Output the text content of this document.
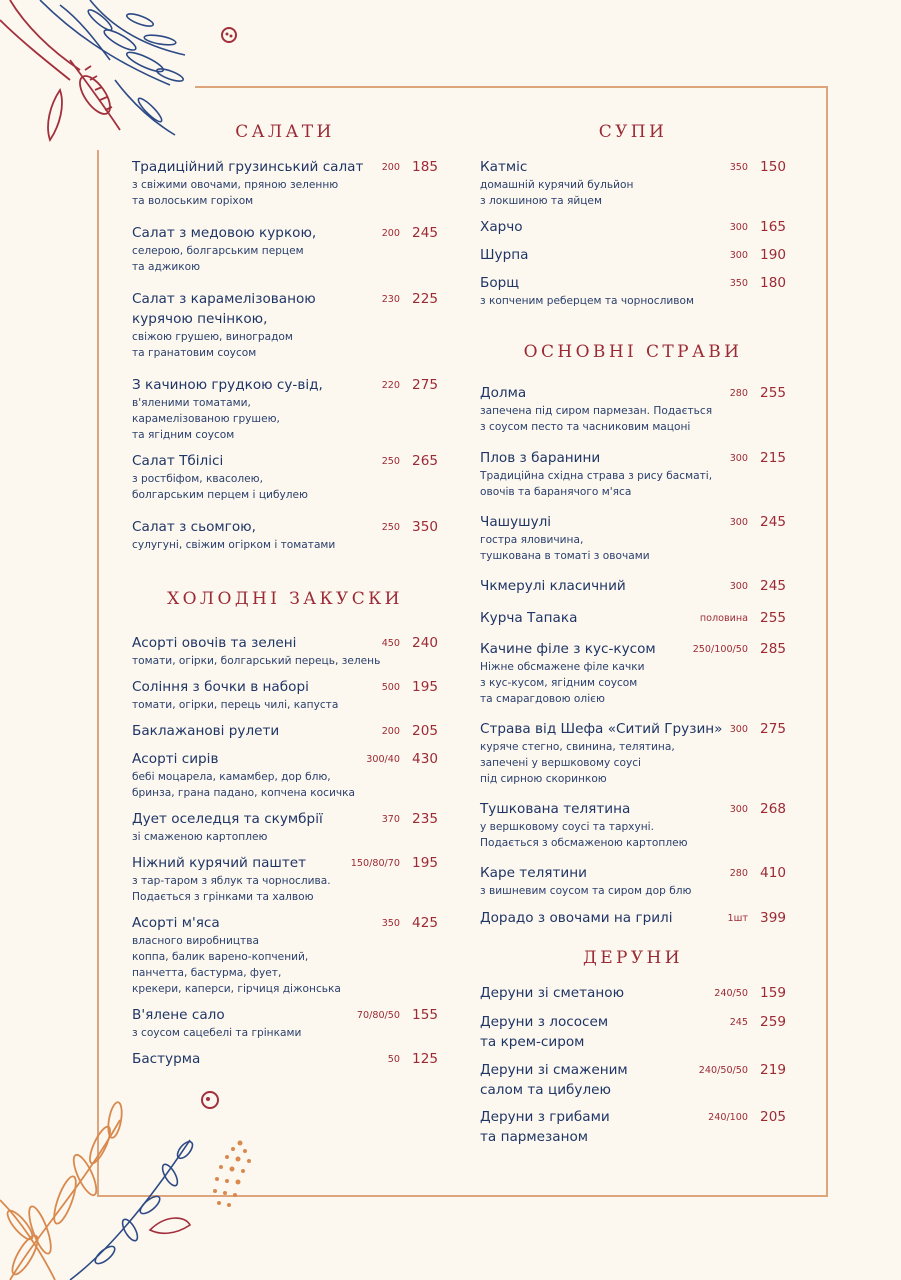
САЛАТИ
Традиційний грузинський салат 200 185
з свіжими овочами, пряною зеленню
та волоським горіхом
Салат з медовою куркою,	200 245
селерою, болгарським перцем
та аджикою
Салат з карамелізованою	230 225
курячою печінкою,
свіжою грушею, виноградом
та гранатовим соусом
З качиною грудкою су-від,	220 275
в'яленими томатами,
карамелізованою грушею,
та ягідним соусом
Салат Тбілісі	250 265
з ростбіфом, квасолею,
болгарським перцем і цибулею
Салат з сьомгою,	250 350
сулугуні, свіжим огірком і томатами
ХОЛОДНІ ЗАКУСКИ
Асорті овочів та зелені	450 240
томати, огірки, болгарський перець, зелень
Соління з бочки в наборі	500 195
томати, огірки, перець чилі, капуста
Баклажанові рулети	200 205
Асорті сирів	300/40 430
бебі моцарела, камамбер, дор блю,
бринза, грана падано, копчена косичка
Дует оселедця та скумбрії	370 235
зі смаженою картоплею
Ніжний курячий паштет	150/80/70 195
з тар-таром з яблук та чорнослива.
Подається з грінками та халвою
Асорті м'яса	350 425
власного виробництва
коппа, балик варено-копчений,
панчетта, бастурма, фует,
крекери, каперси, гірчиця діжонська
В'ялене сало	70/80/50 155
з соусом сацебелі та грінками
Бастурма	50 125
СУПИ
Катміс	350 150
домашній курячий бульйон
з локшиною та яйцем
Харчо	300 165
Шурпа	300 190
Борщ	350 180
з копченим реберцем та чорносливом
ОСНОВНІ СТРАВИ
Долма	280 255
запечена під сиром пармезан. Подається
з соусом песто та часниковим мацоні
Плов з баранини	300 215
Традиційна східна страва з рису басматі,
овочів та баранячого м'яса
Чашушулі	300 245
гостра яловичина,
тушкована в томаті з овочами
Чкмерулі класичний	300 245
Курча Тапака	половина 255
Качине філе з кус-кусом	250/100/50 285
Ніжне обсмажене філе качки
з кус-кусом, ягідним соусом
та смарагдовою олією
Страва від Шефа «Ситий Грузин» 300 275
куряче стегно, свинина, телятина,
запечені у вершковому соусі
під сирною скоринкою
Тушкована телятина	300 268
у вершковому соусі та тархуні.
Подається з обсмаженою картоплею
Каре телятини	280 410
з вишневим соусом та сиром дор блю
Дорадо з овочами на грилі	1шт 399
ДЕРУНИ
Деруни зі сметаною	240/50 159
Деруни з лососем	245 259
та крем-сиром
Деруни зі смаженим	240/50/50 219
салом та цибулею
Деруни з грибами	240/100 205
та пармезаном
